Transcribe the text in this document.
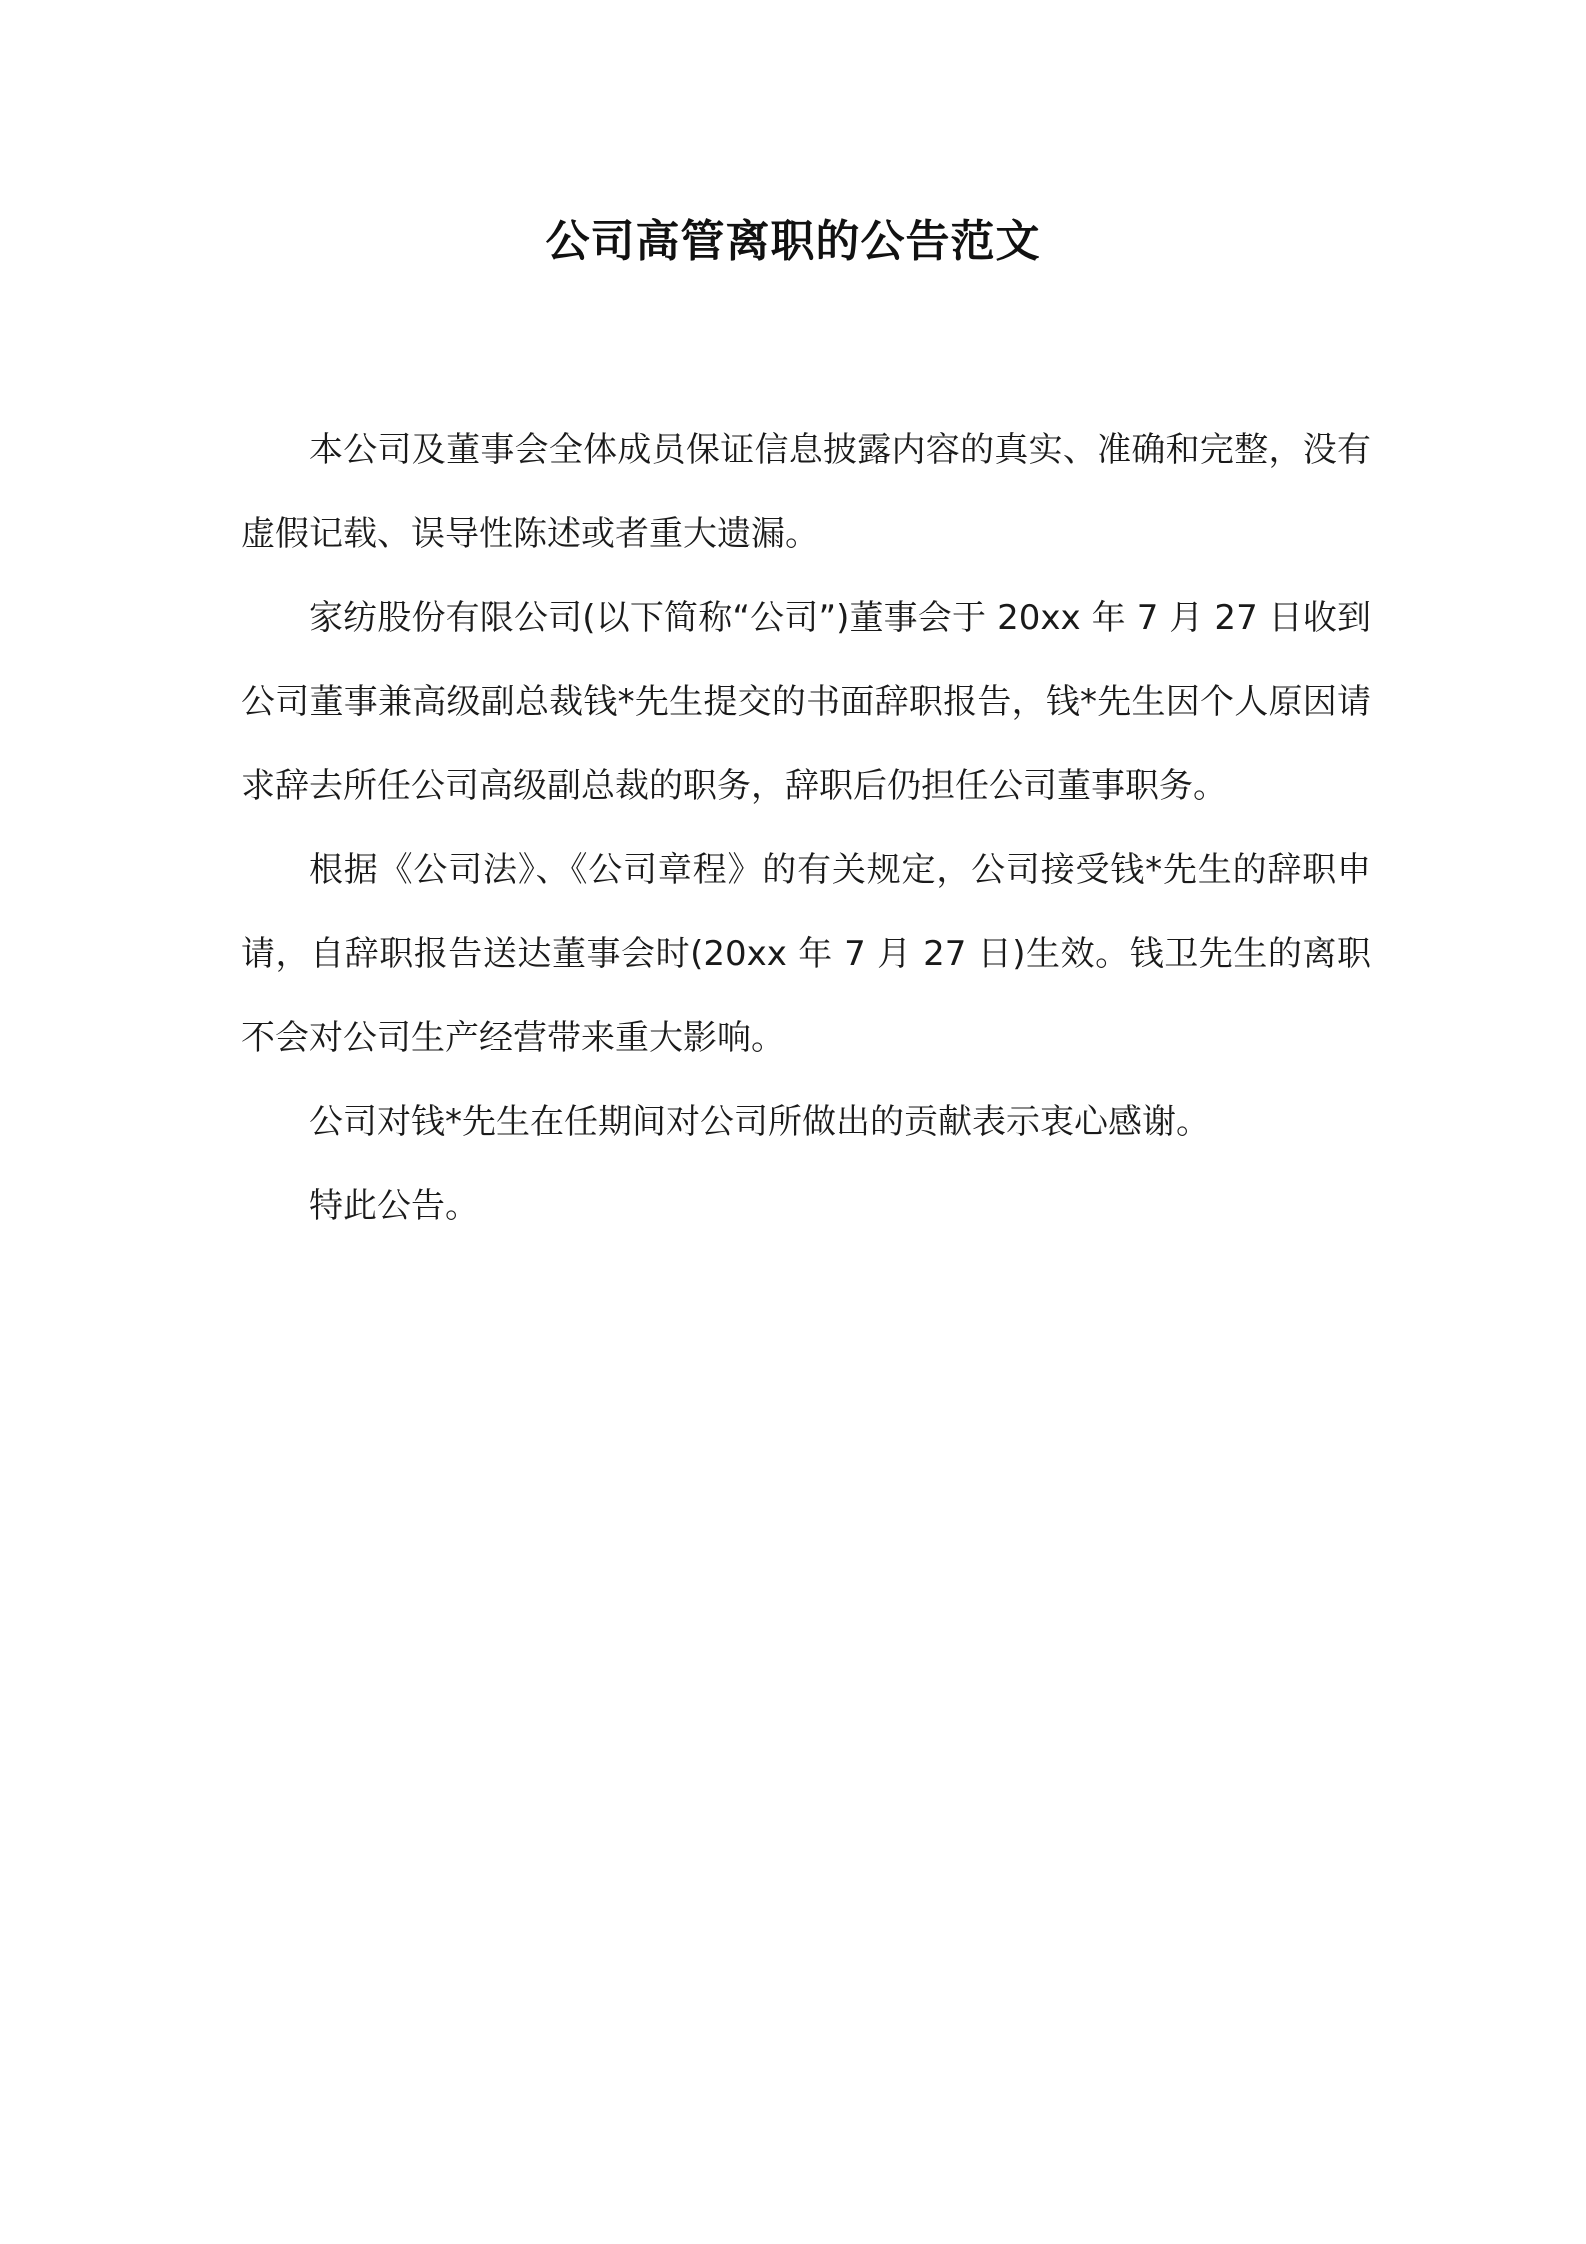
公司高管离职的公告范文

本公司及董事会全体成员保证信息披露内容的真实、准确和完整，没有虚假记载、误导性陈述或者重大遗漏。

家纺股份有限公司(以下简称“公司”)董事会于 20xx 年 7 月 27 日收到公司董事兼高级副总裁钱*先生提交的书面辞职报告，钱*先生因个人原因请求辞去所任公司高级副总裁的职务，辞职后仍担任公司董事职务。

根据《公司法》、《公司章程》的有关规定，公司接受钱*先生的辞职申请，自辞职报告送达董事会时(20xx 年 7 月 27 日)生效。钱卫先生的离职不会对公司生产经营带来重大影响。

公司对钱*先生在任期间对公司所做出的贡献表示衷心感谢。

特此公告。
